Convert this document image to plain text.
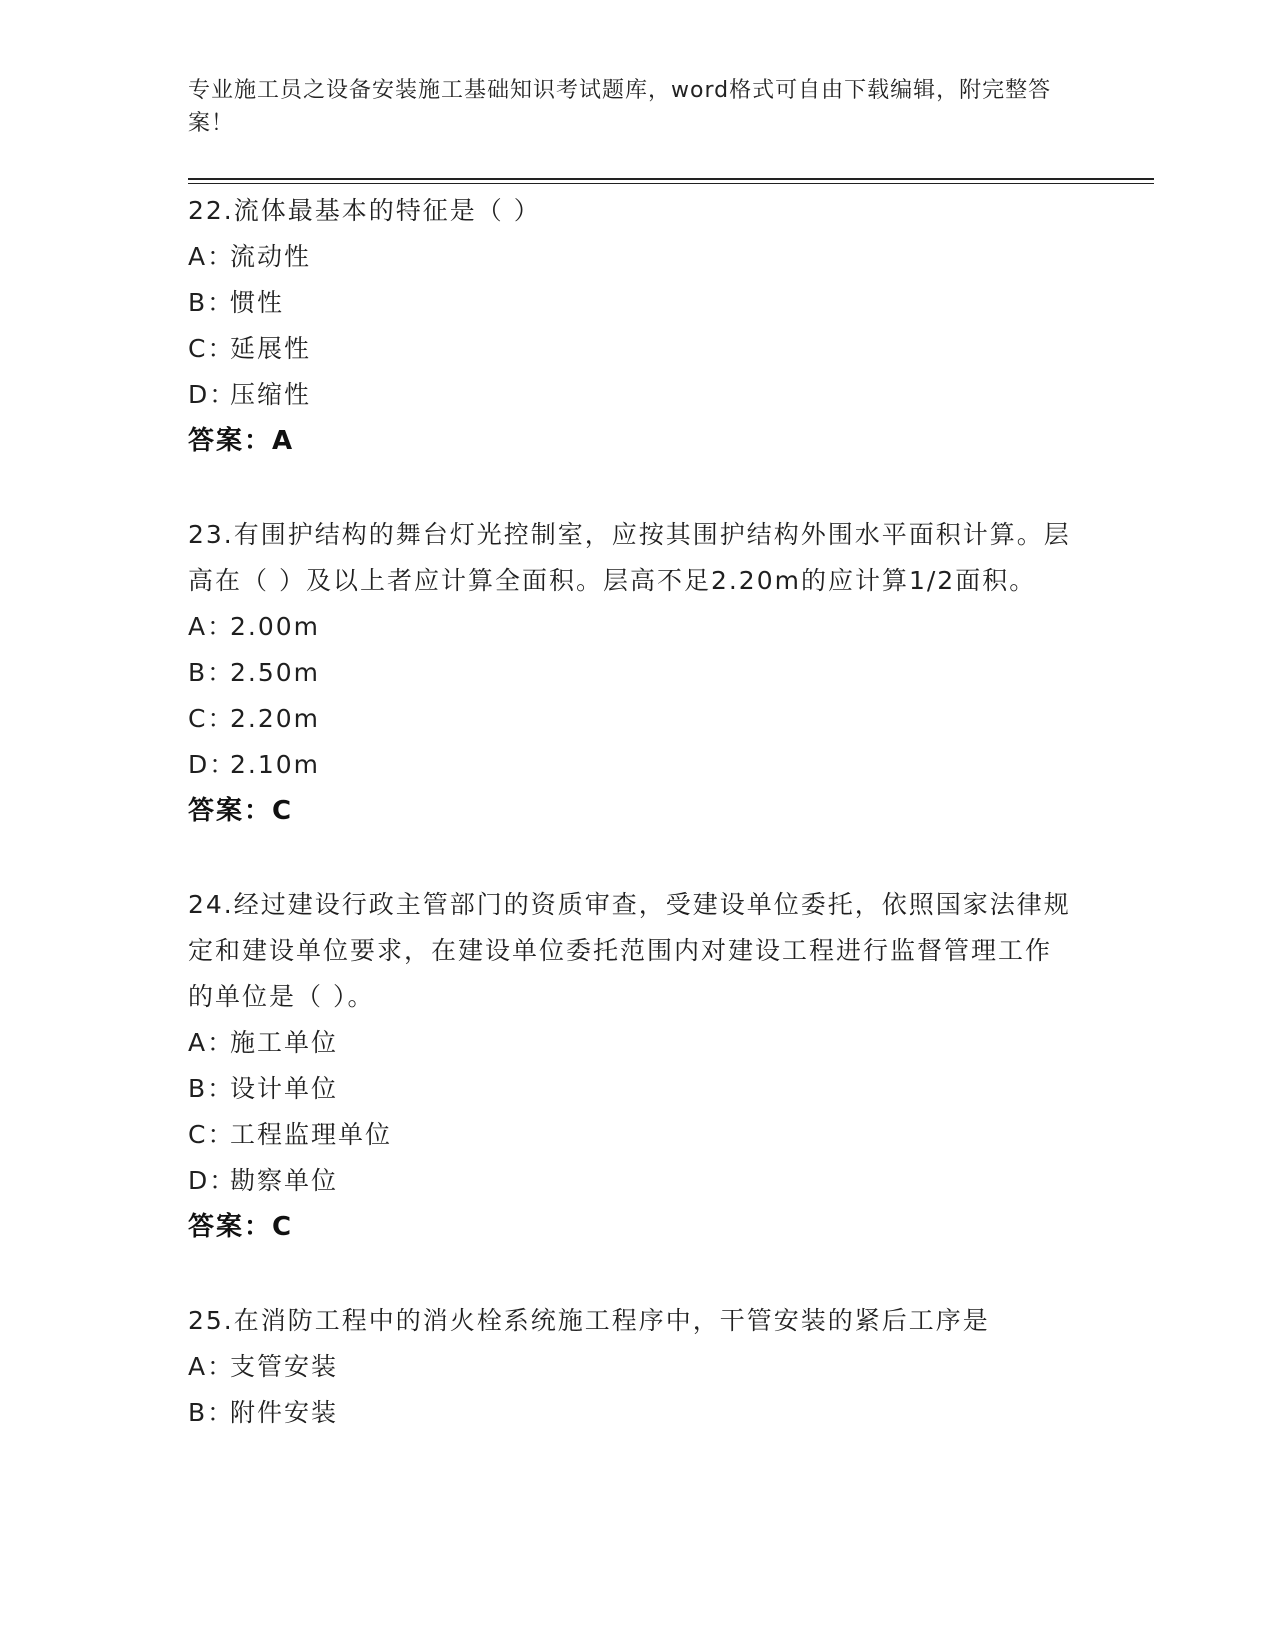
专业施工员之设备安装施工基础知识考试题库，word格式可自由下载编辑，附完整答案！
22.流体最基本的特征是（ ）
A：流动性
B：惯性
C：延展性
D：压缩性
答案：A
23.有围护结构的舞台灯光控制室，应按其围护结构外围水平面积计算。层高在（ ）及以上者应计算全面积。层高不足2.20m的应计算1/2面积。
A：2.00m
B：2.50m
C：2.20m
D：2.10m
答案：C
24.经过建设行政主管部门的资质审查，受建设单位委托，依照国家法律规定和建设单位要求，在建设单位委托范围内对建设工程进行监督管理工作的单位是（ ）。
A：施工单位
B：设计单位
C：工程监理单位
D：勘察单位
答案：C
25.在消防工程中的消火栓系统施工程序中，干管安装的紧后工序是
A：支管安装
B：附件安装
